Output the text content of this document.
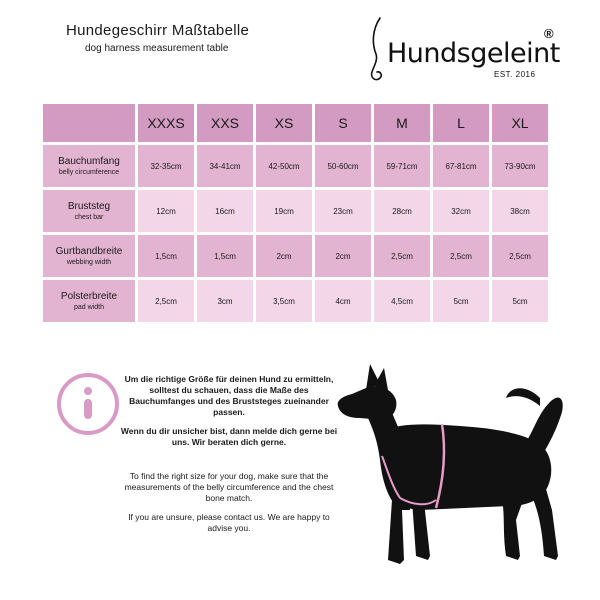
Hundegeschirr Maßtabelle
dog harness measurement table	Hundsgeleint
®
EST. 2016
	XXXS	XXS	XS	S	M	L	XL

Bauchumfang
belly circumference	32-35cm	34-41cm	42-50cm	50-60cm	59-71cm	67-81cm	73-90cm

Bruststeg
chest bar	12cm	16cm	19cm	23cm	28cm	32cm	38cm

Gurtbandbreite
webbing width	1,5cm	1,5cm	2cm	2cm	2,5cm	2,5cm	2,5cm

Polsterbreite
pad width	2,5cm	3cm	3,5cm	4cm	4,5cm	5cm	5cm

Um die richtige Größe für deinen Hund zu ermitteln, solltest du schauen, dass die Maße des Bauchumfanges und des Bruststeges zueinander passen.

Wenn du dir unsicher bist, dann melde dich gerne bei uns. Wir beraten dich gerne.

To find the right size for your dog, make sure that the measurements of the belly circumference and the chest bone match.

If you are unsure, please contact us. We are happy to advise you.
